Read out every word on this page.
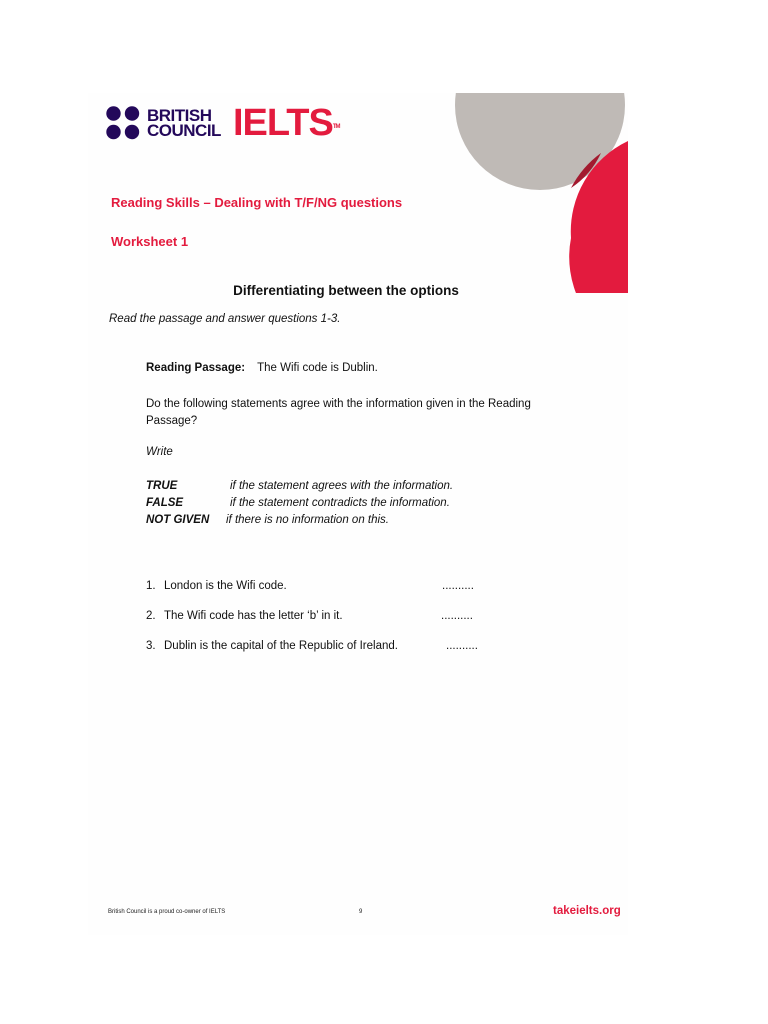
BRITISH
COUNCIL IELTS™
Reading Skills – Dealing with T/F/NG questions
Worksheet 1
Differentiating between the options
Read the passage and answer questions 1-3.
Reading Passage: The Wifi code is Dublin.
Do the following statements agree with the information given in the Reading Passage?
Write
TRUE	if the statement agrees with the information.
FALSE	if the statement contradicts the information.
NOT GIVEN if there is no information on this.
1. London is the Wifi code.	..........
2. The Wifi code has the letter ‘b’ in it.	..........
3. Dublin is the capital of the Republic of Ireland.	..........
British Council is a proud co-owner of IELTS	9	takeielts.org
